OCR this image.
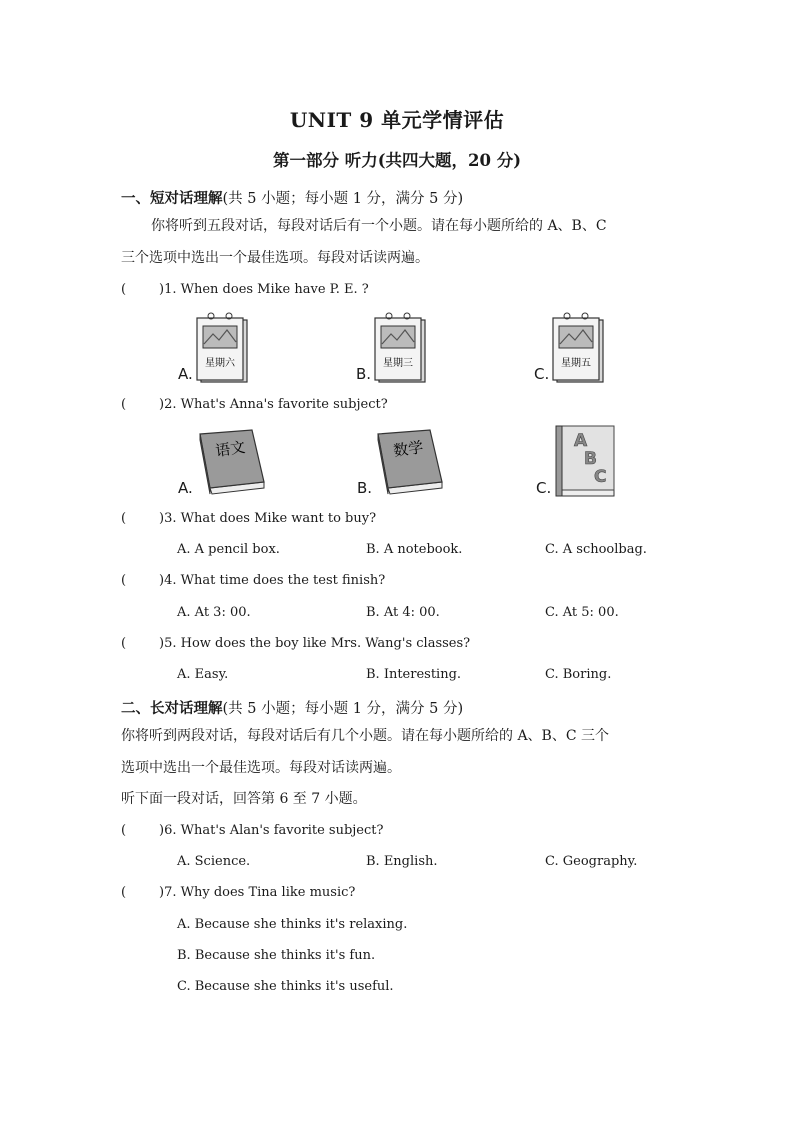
UNIT 9 单元学情评估
第一部分 听力(共四大题，20 分)
一、短对话理解(共 5 小题；每小题 1 分，满分 5 分)
你将听到五段对话，每段对话后有一个小题。请在每小题所给的 A、B、C
三个选项中选出一个最佳选项。每段对话读两遍。
(	)1. When does Mike have P. E. ?
A.
星期六
B.
星期三
C.
星期五
(	)2. What's Anna's favorite subject?
A.
语文
B.
数学
C.
A
B
C
(	)3. What does Mike want to buy?
A. A pencil box.	B. A notebook.	C. A schoolbag.
(	)4. What time does the test finish?
A. At 3: 00.	B. At 4: 00.	C. At 5: 00.
(	)5. How does the boy like Mrs. Wang's classes?
A. Easy.	B. Interesting.	C. Boring.
二、长对话理解(共 5 小题；每小题 1 分，满分 5 分)
你将听到两段对话，每段对话后有几个小题。请在每小题所给的 A、B、C 三个
选项中选出一个最佳选项。每段对话读两遍。
听下面一段对话，回答第 6 至 7 小题。
(	)6. What's Alan's favorite subject?
A. Science.	B. English.	C. Geography.
(	)7. Why does Tina like music?
A. Because she thinks it's relaxing.
B. Because she thinks it's fun.
C. Because she thinks it's useful.
